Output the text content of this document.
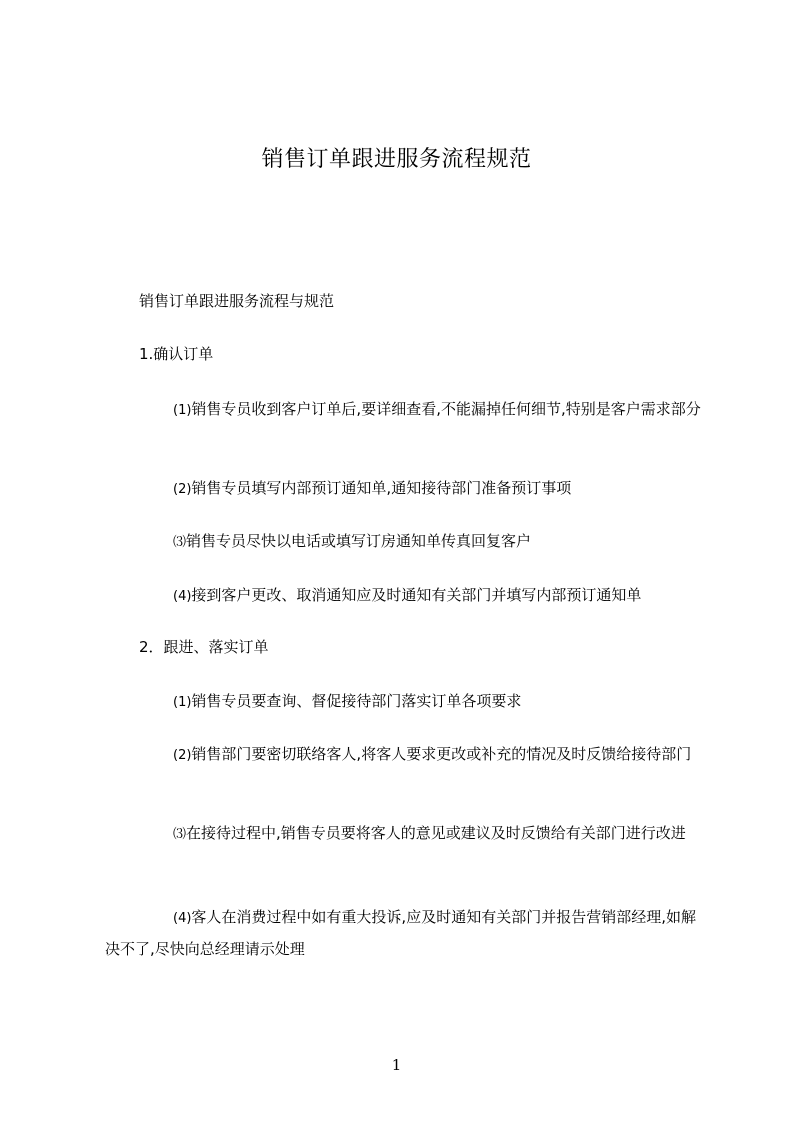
销售订单跟进服务流程规范
销售订单跟进服务流程与规范
1.确认订单
(1)销售专员收到客户订单后,要详细查看,不能漏掉任何细节,特别是客户需求部分
(2)销售专员填写内部预订通知单,通知接待部门准备预订事项
⑶销售专员尽快以电话或填写订房通知单传真回复客户
(4)接到客户更改、取消通知应及时通知有关部门并填写内部预订通知单
2．跟进、落实订单
(1)销售专员要查询、督促接待部门落实订单各项要求
(2)销售部门要密切联络客人,将客人要求更改或补充的情况及时反馈给接待部门
⑶在接待过程中,销售专员要将客人的意见或建议及时反馈给有关部门进行改进
(4)客人在消费过程中如有重大投诉,应及时通知有关部门并报告营销部经理,如解决不了,尽快向总经理请示处理
1
